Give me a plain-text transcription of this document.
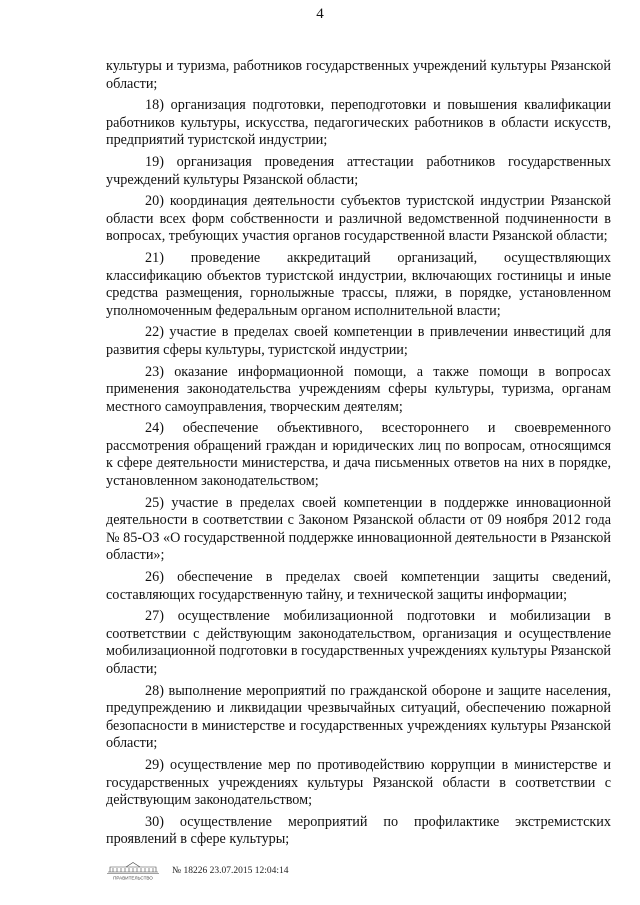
4

культуры и туризма, работников государственных учреждений культуры Рязанской области;

18) организация подготовки, переподготовки и повышения квалификации работников культуры, искусства, педагогических работников в области искусств, предприятий туристской индустрии;

19) организация проведения аттестации работников государственных учреждений культуры Рязанской области;

20) координация деятельности субъектов туристской индустрии Рязанской области всех форм собственности и различной ведомственной подчиненности в вопросах, требующих участия органов государственной власти Рязанской области;

21) проведение аккредитаций организаций, осуществляющих классификацию объектов туристской индустрии, включающих гостиницы и иные средства размещения, горнолыжные трассы, пляжи, в порядке, установленном уполномоченным федеральным органом исполнительной власти;

22) участие в пределах своей компетенции в привлечении инвестиций для развития сферы культуры, туристской индустрии;

23) оказание информационной помощи, а также помощи в вопросах применения законодательства учреждениям сферы культуры, туризма, органам местного самоуправления, творческим деятелям;

24) обеспечение объективного, всестороннего и своевременного рассмотрения обращений граждан и юридических лиц по вопросам, относящимся к сфере деятельности министерства, и дача письменных ответов на них в порядке, установленном законодательством;

25) участие в пределах своей компетенции в поддержке инновационной деятельности в соответствии с Законом Рязанской области от 09 ноября 2012 года № 85-ОЗ «О государственной поддержке инновационной деятельности в Рязанской области»;

26) обеспечение в пределах своей компетенции защиты сведений, составляющих государственную тайну, и технической защиты информации;

27) осуществление мобилизационной подготовки и мобилизации в соответствии с действующим законодательством, организация и осуществление мобилизационной подготовки в государственных учреждениях культуры Рязанской области;

28) выполнение мероприятий по гражданской обороне и защите населения, предупреждению и ликвидации чрезвычайных ситуаций, обеспечению пожарной безопасности в министерстве и государственных учреждениях культуры Рязанской области;

29) осуществление мер по противодействию коррупции в министерстве и государственных учреждениях культуры Рязанской области в соответствии с действующим законодательством;

30) осуществление мероприятий по профилактике экстремистских проявлений в сфере культуры;

ПРАВИТЕЛЬСТВО
№ 18226 23.07.2015 12:04:14
